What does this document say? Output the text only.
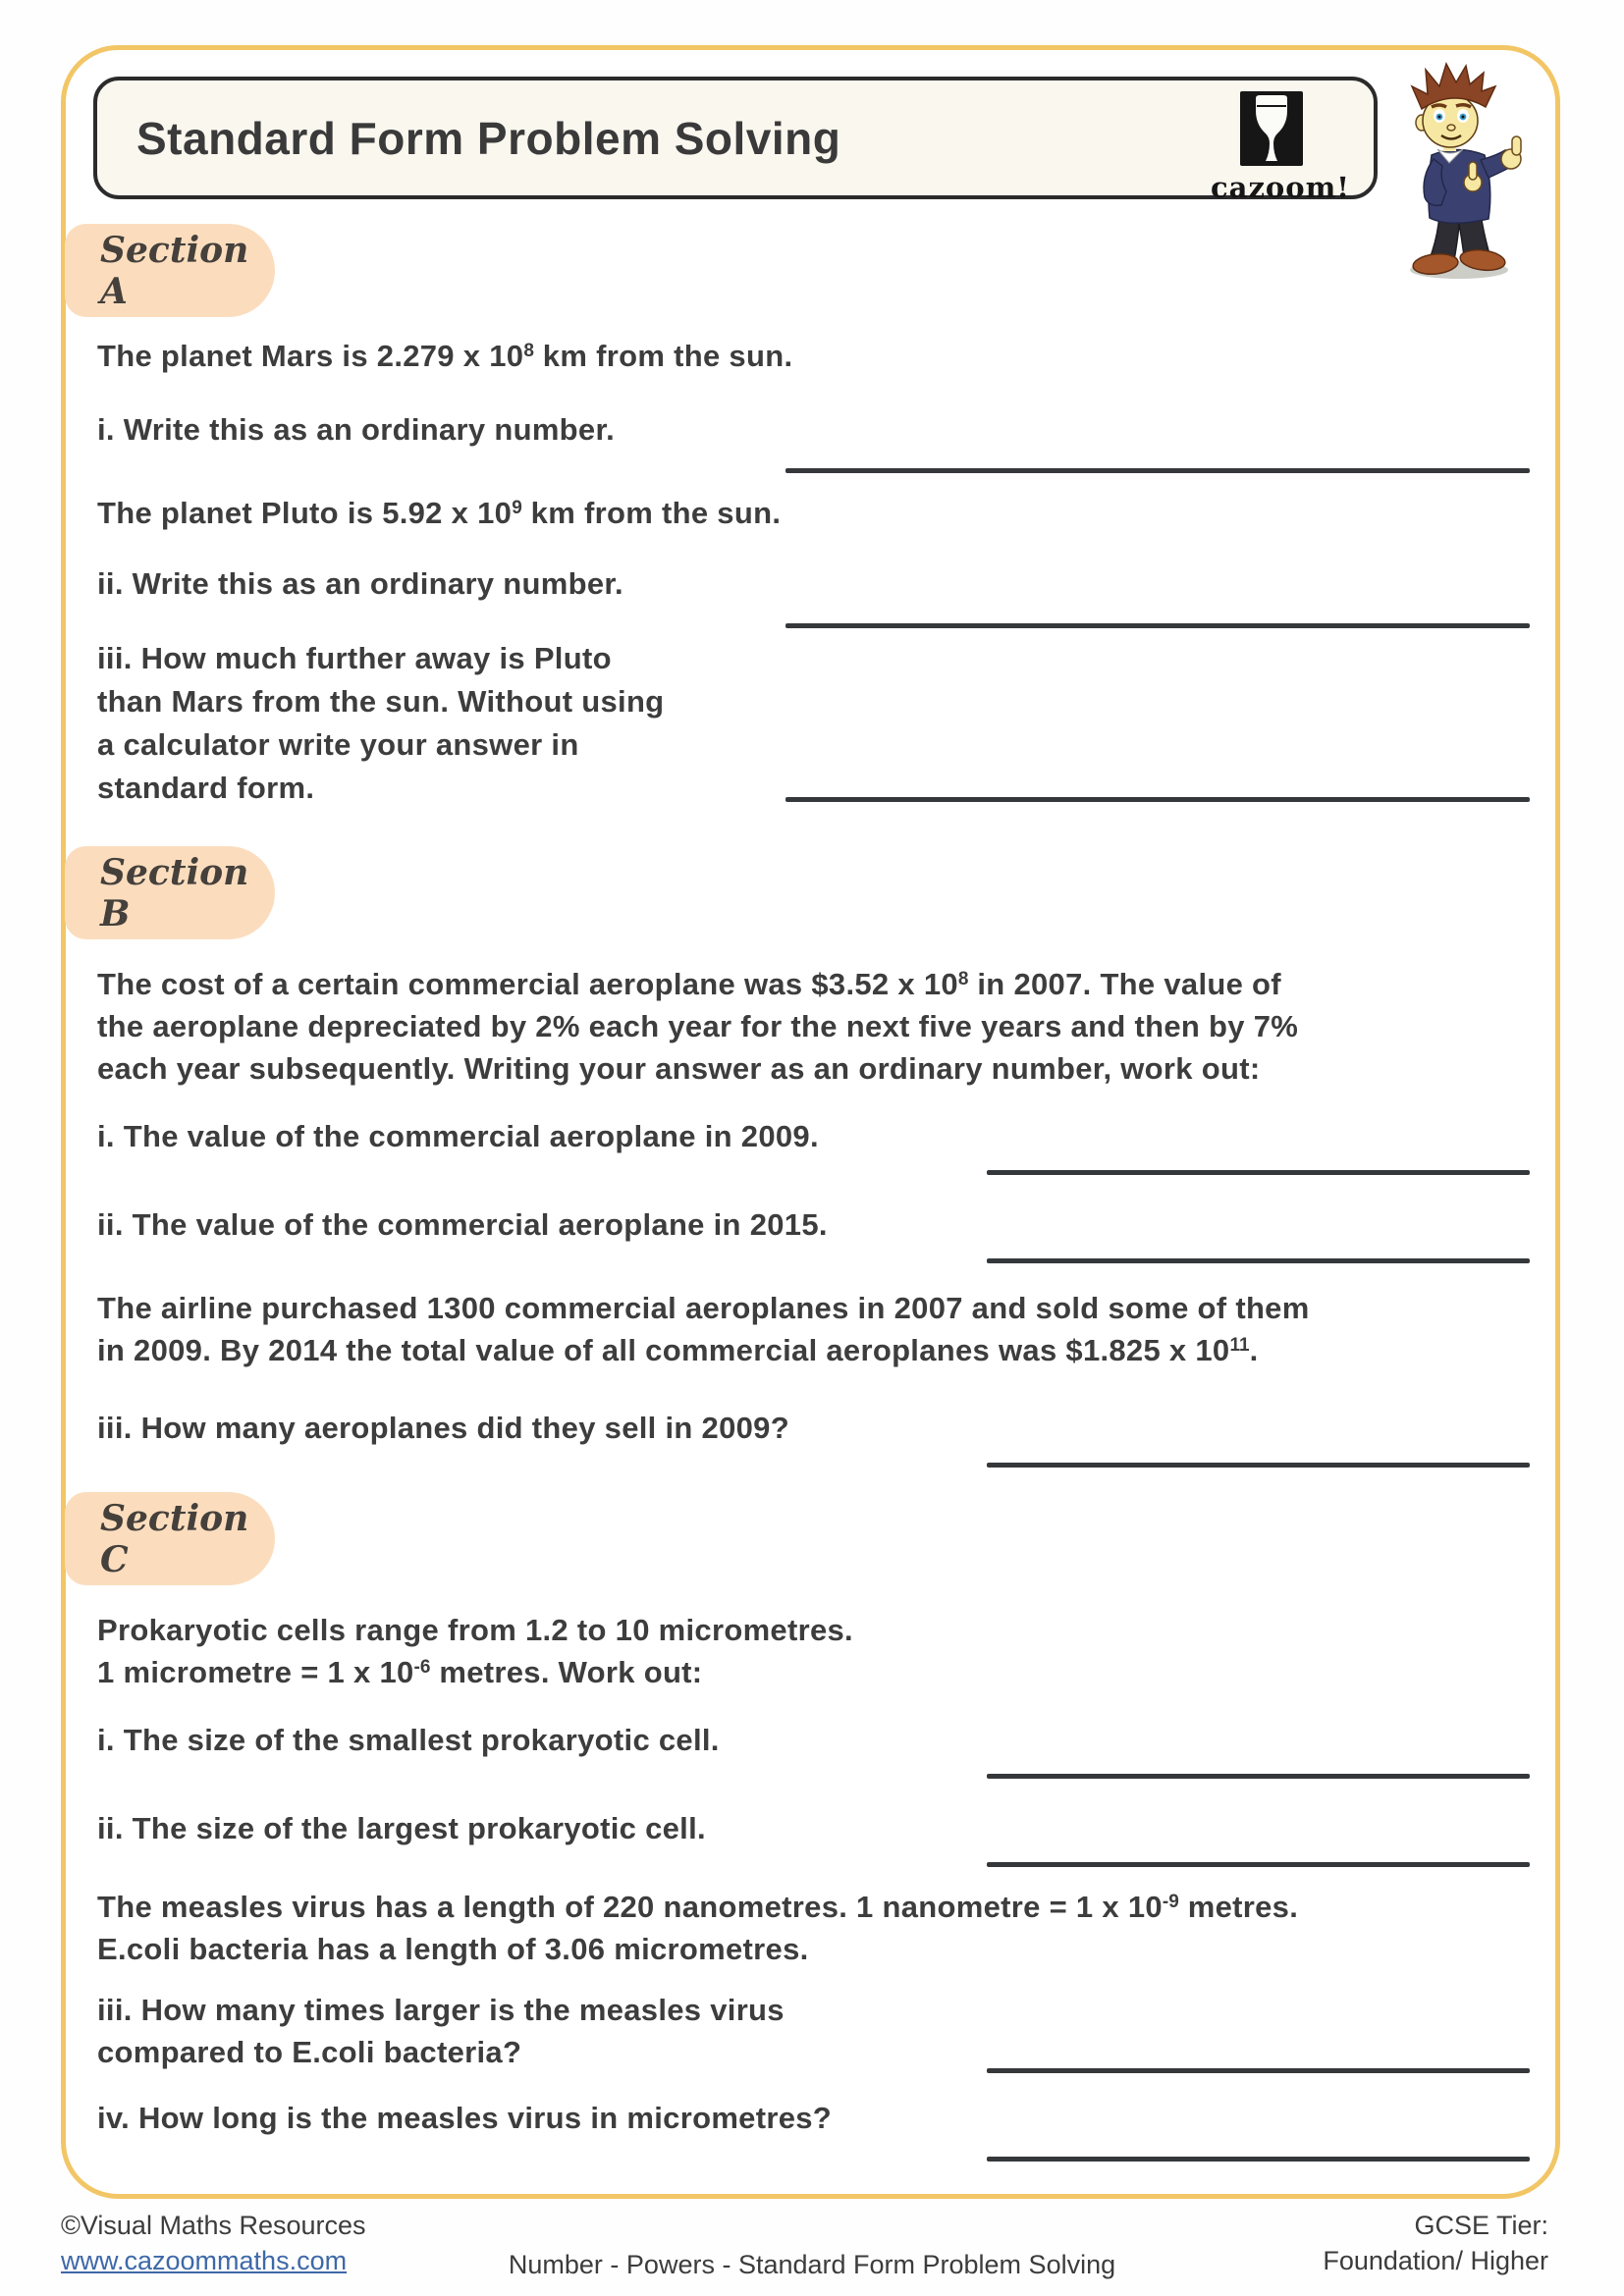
Standard Form Problem Solving
cazoom!
Section A
The planet Mars is 2.279 x $10^8$ km from the sun.
i. Write this as an ordinary number.
The planet Pluto is 5.92 x $10^9$ km from the sun.
ii. Write this as an ordinary number.
iii. How much further away is Pluto
than Mars from the sun. Without using
a calculator write your answer in
standard form.
Section B
The cost of a certain commercial aeroplane was $3.52 x $10^8$ in 2007. The value of
the aeroplane depreciated by 2% each year for the next five years and then by 7%
each year subsequently. Writing your answer as an ordinary number, work out:
i. The value of the commercial aeroplane in 2009.
ii. The value of the commercial aeroplane in 2015.
The airline purchased 1300 commercial aeroplanes in 2007 and sold some of them
in 2009. By 2014 the total value of all commercial aeroplanes was $1.825 x $10^{11}$.
iii. How many aeroplanes did they sell in 2009?
Section C
Prokaryotic cells range from 1.2 to 10 micrometres.
1 micrometre = 1 x $10^{-6}$ metres. Work out:
i. The size of the smallest prokaryotic cell.
ii. The size of the largest prokaryotic cell.
The measles virus has a length of 220 nanometres. 1 nanometre = 1 x $10^{-9}$ metres.
E.coli bacteria has a length of 3.06 micrometres.
iii. How many times larger is the measles virus
compared to E.coli bacteria?
iv. How long is the measles virus in micrometres?
©Visual Maths Resources
www.cazoommaths.com	Number - Powers - Standard Form Problem Solving
GCSE Tier:
Foundation/ Higher
